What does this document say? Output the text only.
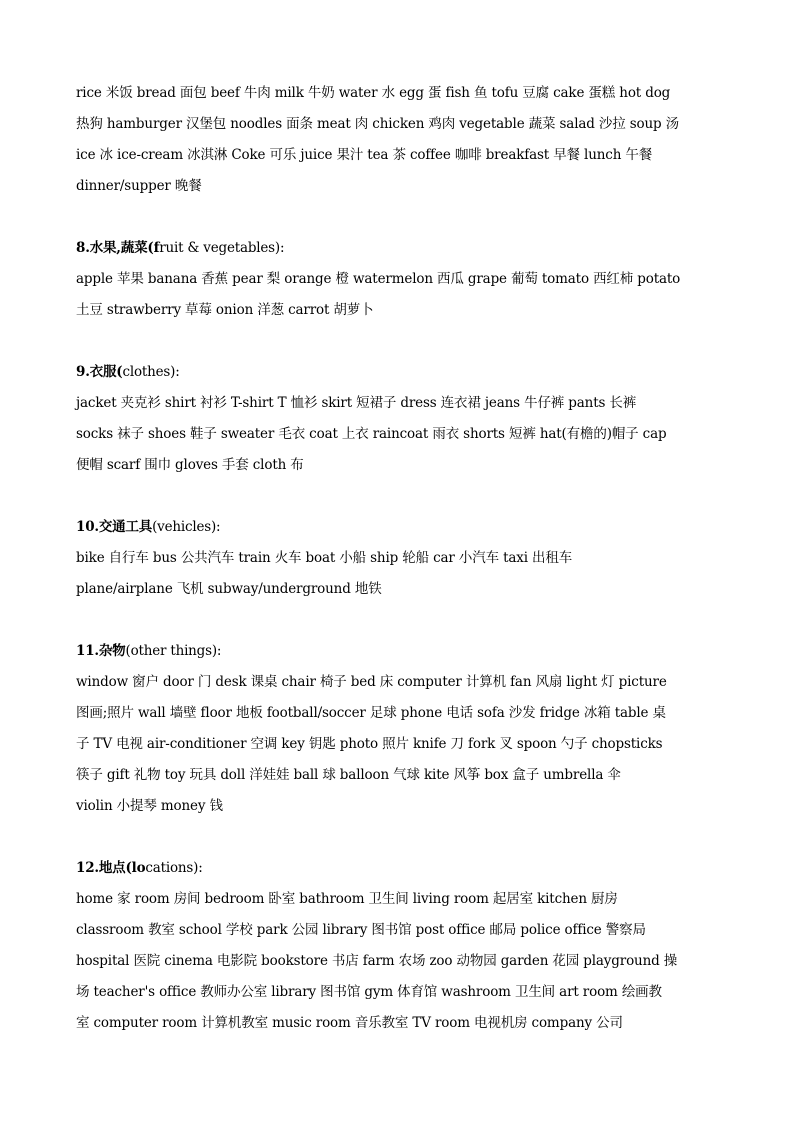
rice 米饭 bread 面包 beef 牛肉 milk 牛奶 water 水 egg 蛋 fish 鱼 tofu 豆腐 cake 蛋糕 hot dog
热狗 hamburger 汉堡包 noodles 面条 meat 肉 chicken 鸡肉 vegetable 蔬菜 salad 沙拉 soup 汤
ice 冰 ice-cream 冰淇淋 Coke 可乐 juice 果汁 tea 茶 coffee 咖啡 breakfast 早餐 lunch 午餐
dinner/supper 晚餐
8.水果,蔬菜(fruit & vegetables):
apple 苹果 banana 香蕉 pear 梨 orange 橙 watermelon 西瓜 grape 葡萄 tomato 西红柿 potato
土豆 strawberry 草莓 onion 洋葱 carrot 胡萝卜
9.衣服(clothes):
jacket 夹克衫 shirt 衬衫 T-shirt T 恤衫 skirt 短裙子 dress 连衣裙 jeans 牛仔裤 pants 长裤
socks 袜子 shoes 鞋子 sweater 毛衣 coat 上衣 raincoat 雨衣 shorts 短裤 hat(有檐的)帽子 cap
便帽 scarf 围巾 gloves 手套 cloth 布
10.交通工具(vehicles):
bike 自行车 bus 公共汽车 train 火车 boat 小船 ship 轮船 car 小汽车 taxi 出租车
plane/airplane 飞机 subway/underground 地铁
11.杂物(other things):
window 窗户 door 门 desk 课桌 chair 椅子 bed 床 computer 计算机 fan 风扇 light 灯 picture
图画;照片 wall 墙壁 floor 地板 football/soccer 足球 phone 电话 sofa 沙发 fridge 冰箱 table 桌
子 TV 电视 air-conditioner 空调 key 钥匙 photo 照片 knife 刀 fork 叉 spoon 勺子 chopsticks
筷子 gift 礼物 toy 玩具 doll 洋娃娃 ball 球 balloon 气球 kite 风筝 box 盒子 umbrella 伞
violin 小提琴 money 钱
12.地点(locations):
home 家 room 房间 bedroom 卧室 bathroom 卫生间 living room 起居室 kitchen 厨房
classroom 教室 school 学校 park 公园 library 图书馆 post office 邮局 police office 警察局
hospital 医院 cinema 电影院 bookstore 书店 farm 农场 zoo 动物园 garden 花园 playground 操
场 teacher's office 教师办公室 library 图书馆 gym 体育馆 washroom 卫生间 art room 绘画教
室 computer room 计算机教室 music room 音乐教室 TV room 电视机房 company 公司
